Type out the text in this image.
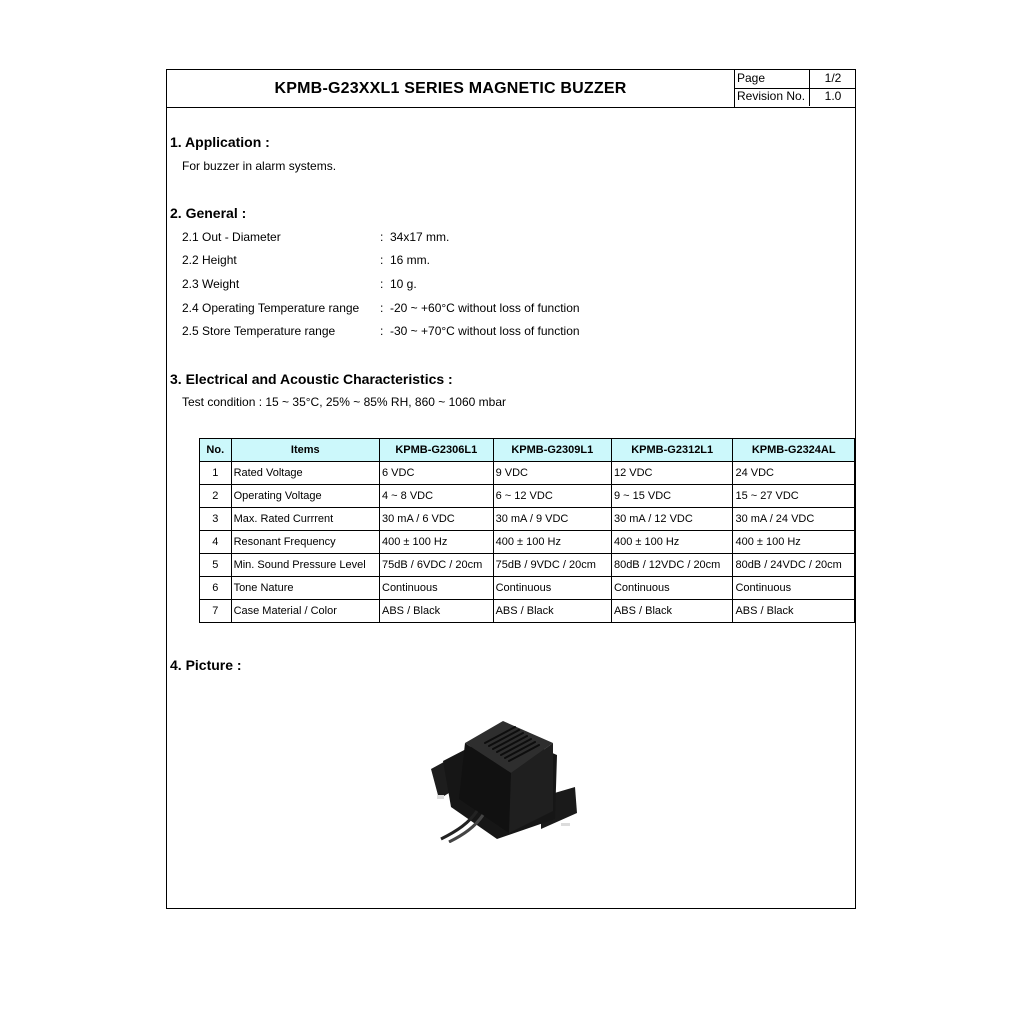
KPMB-G23XXL1 SERIES MAGNETIC BUZZER
Page	1/2
Revision No.	1.0
1. Application :
For buzzer in alarm systems.
2. General :
2.1 Out - Diameter	: 34x17 mm.
2.2 Height	: 16 mm.
2.3 Weight	: 10 g.
2.4 Operating Temperature range : -20 ~ +60°C without loss of function
2.5 Store Temperature range	: -30 ~ +70°C without loss of function
3. Electrical and Acoustic Characteristics :
Test condition : 15 ~ 35°C, 25% ~ 85% RH, 860 ~ 1060 mbar
No.	Items	KPMB-G2306L1	KPMB-G2309L1	KPMB-G2312L1	KPMB-G2324AL
1	Rated Voltage	6 VDC	9 VDC	12 VDC	24 VDC
2	Operating Voltage	4 ~ 8 VDC	6 ~ 12 VDC	9 ~ 15 VDC	15 ~ 27 VDC
3	Max. Rated Currrent	30 mA / 6 VDC	30 mA / 9 VDC	30 mA / 12 VDC	30 mA / 24 VDC
4	Resonant Frequency	400 ± 100 Hz	400 ± 100 Hz	400 ± 100 Hz	400 ± 100 Hz
5	Min. Sound Pressure Level	75dB / 6VDC / 20cm	75dB / 9VDC / 20cm	80dB / 12VDC / 20cm	80dB / 24VDC / 20cm
6	Tone Nature	Continuous	Continuous	Continuous	Continuous
7	Case Material / Color	ABS / Black	ABS / Black	ABS / Black	ABS / Black
4. Picture :
